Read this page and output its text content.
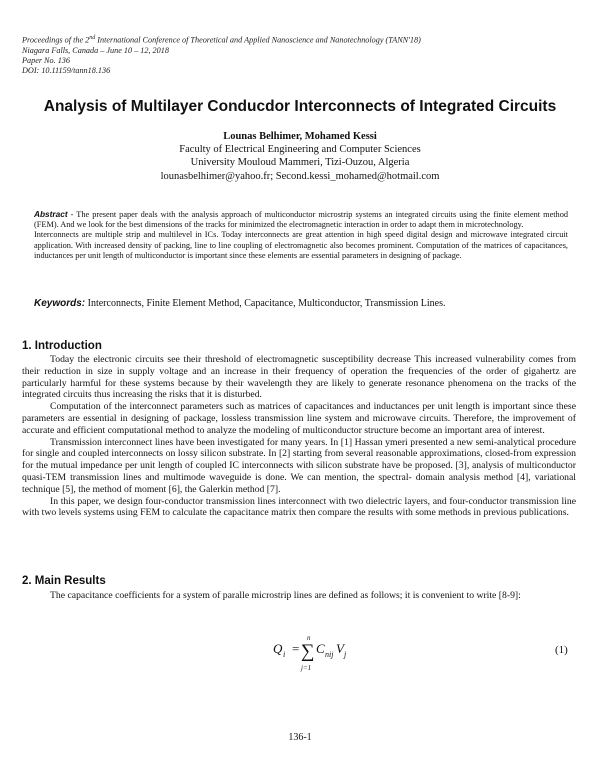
Proceedings of the 2nd International Conference of Theoretical and Applied Nanoscience and Nanotechnology (TANN'18)
Niagara Falls, Canada – June 10 – 12, 2018
Paper No. 136
DOI: 10.11159/tann18.136
Analysis of Multilayer Conducdor Interconnects of Integrated Circuits
Lounas Belhimer, Mohamed Kessi
Faculty of Electrical Engineering and Computer Sciences
University Mouloud Mammeri, Tizi-Ouzou, Algeria
lounasbelhimer@yahoo.fr; Second.kessi_mohamed@hotmail.com

Abstract - The present paper deals with the analysis approach of multiconductor microstrip systems an integrated circuits using the finite element method (FEM). And we look for the best dimensions of the tracks for minimized the electromagnetic interaction in order to adapt them in microtechnology.

Interconnects are multiple strip and multilevel in ICs. Today interconnects are great attention in high speed digital design and microwave integrated circuit application. With increased density of packing, line to line coupling of electromagnetic also becomes prominent. Computation of the matrices of capacitances, inductances per unit length of multiconductor is important since these elements are essential parameters in designing of package.

Keywords: Interconnects, Finite Element Method, Capacitance, Multiconductor, Transmission Lines.
1. Introduction

Today the electronic circuits see their threshold of electromagnetic susceptibility decrease This increased vulnerability comes from their reduction in size in supply voltage and an increase in their frequency of operation the frequencies of the order of gigahertz are particularly harmful for these systems because by their wavelength they are likely to generate resonance phenomena on the tracks of the integrated circuits thus increasing the risks that it is disturbed.

Computation of the interconnect parameters such as matrices of capacitances and inductances per unit length is important since these parameters are essential in designing of package, lossless transmission line system and microwave circuits. Therefore, the improvement of accurate and efficient computational method to analyze the modeling of multiconductor structure become an important area of interest.

Transmission interconnect lines have been investigated for many years. In [1] Hassan ymeri presented a new semi-analytical procedure for single and coupled interconnects on lossy silicon substrate. In [2] starting from several reasonable approximations, closed-from expression for the mutual impedance per unit length of coupled IC interconnects with silicon substrate have be proposed. [3], analysis of multiconductor quasi-TEM transmission lines and multimode waveguide is done. We can mention, the spectral- domain analysis method [4], variational technique [5], the method of moment [6], the Galerkin method [7].

In this paper, we design four-conductor transmission lines interconnect with two dielectric layers, and four-conductor transmission line with two levels systems using FEM to calculate the capacitance matrix then compare the results with some methods in previous publications.

2. Main Results

The capacitance coefficients for a system of paralle microstrip lines are defined as follows; it is convenient to write [8-9]:

Q i =
n
∑
j=1
C nij V j	(1)
136-1
